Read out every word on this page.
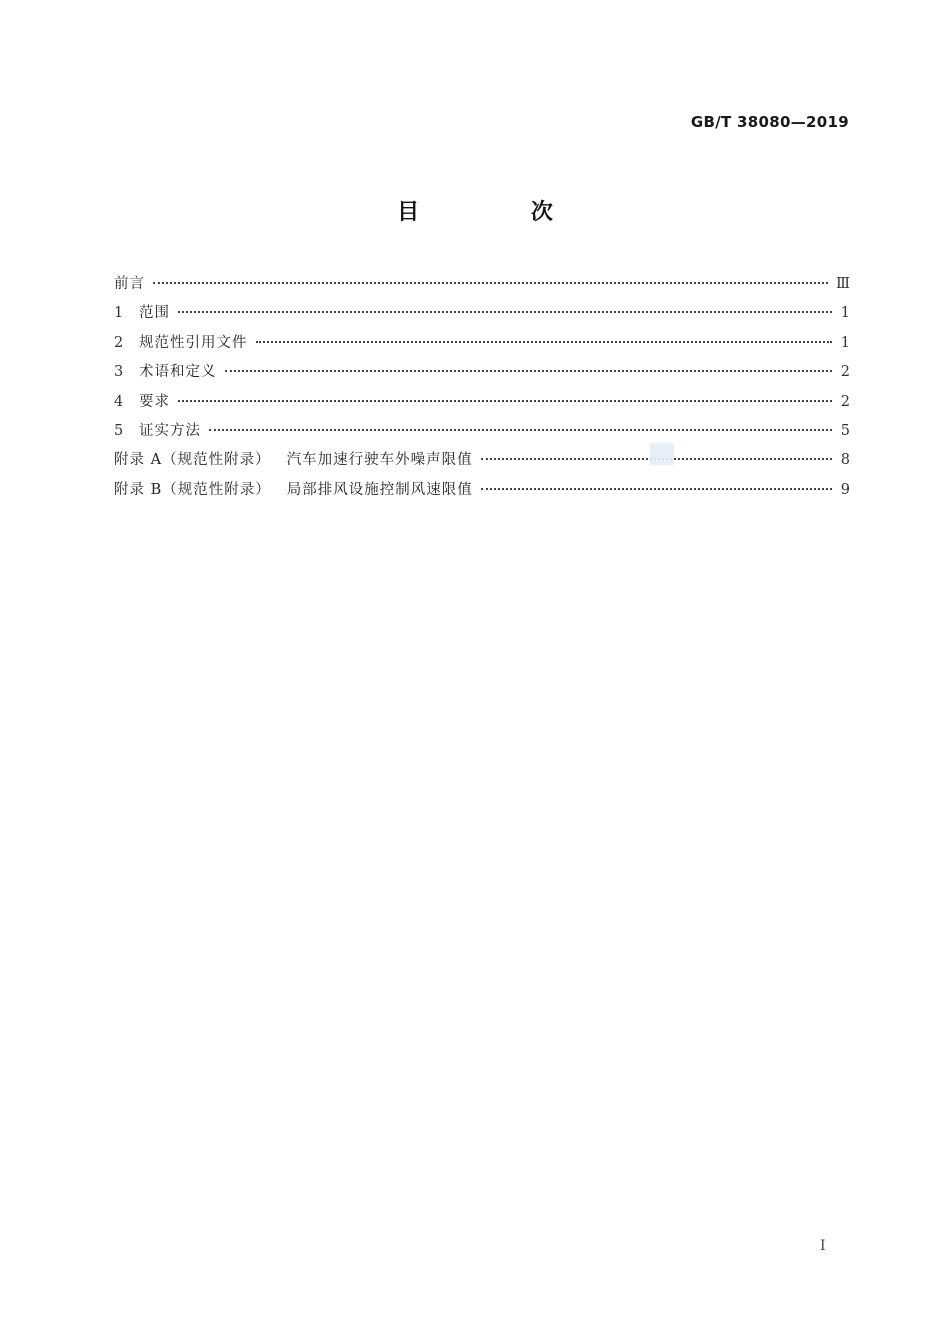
GB/T 38080—2019
目 次
前言	Ⅲ
1	范围	1
2	规范性引用文件	1
3	术语和定义	2
4	要求	2
5	证实方法	5
附录 A（规范性附录） 汽车加速行驶车外噪声限值	8
附录 B（规范性附录） 局部排风设施控制风速限值	9
Ⅰ
